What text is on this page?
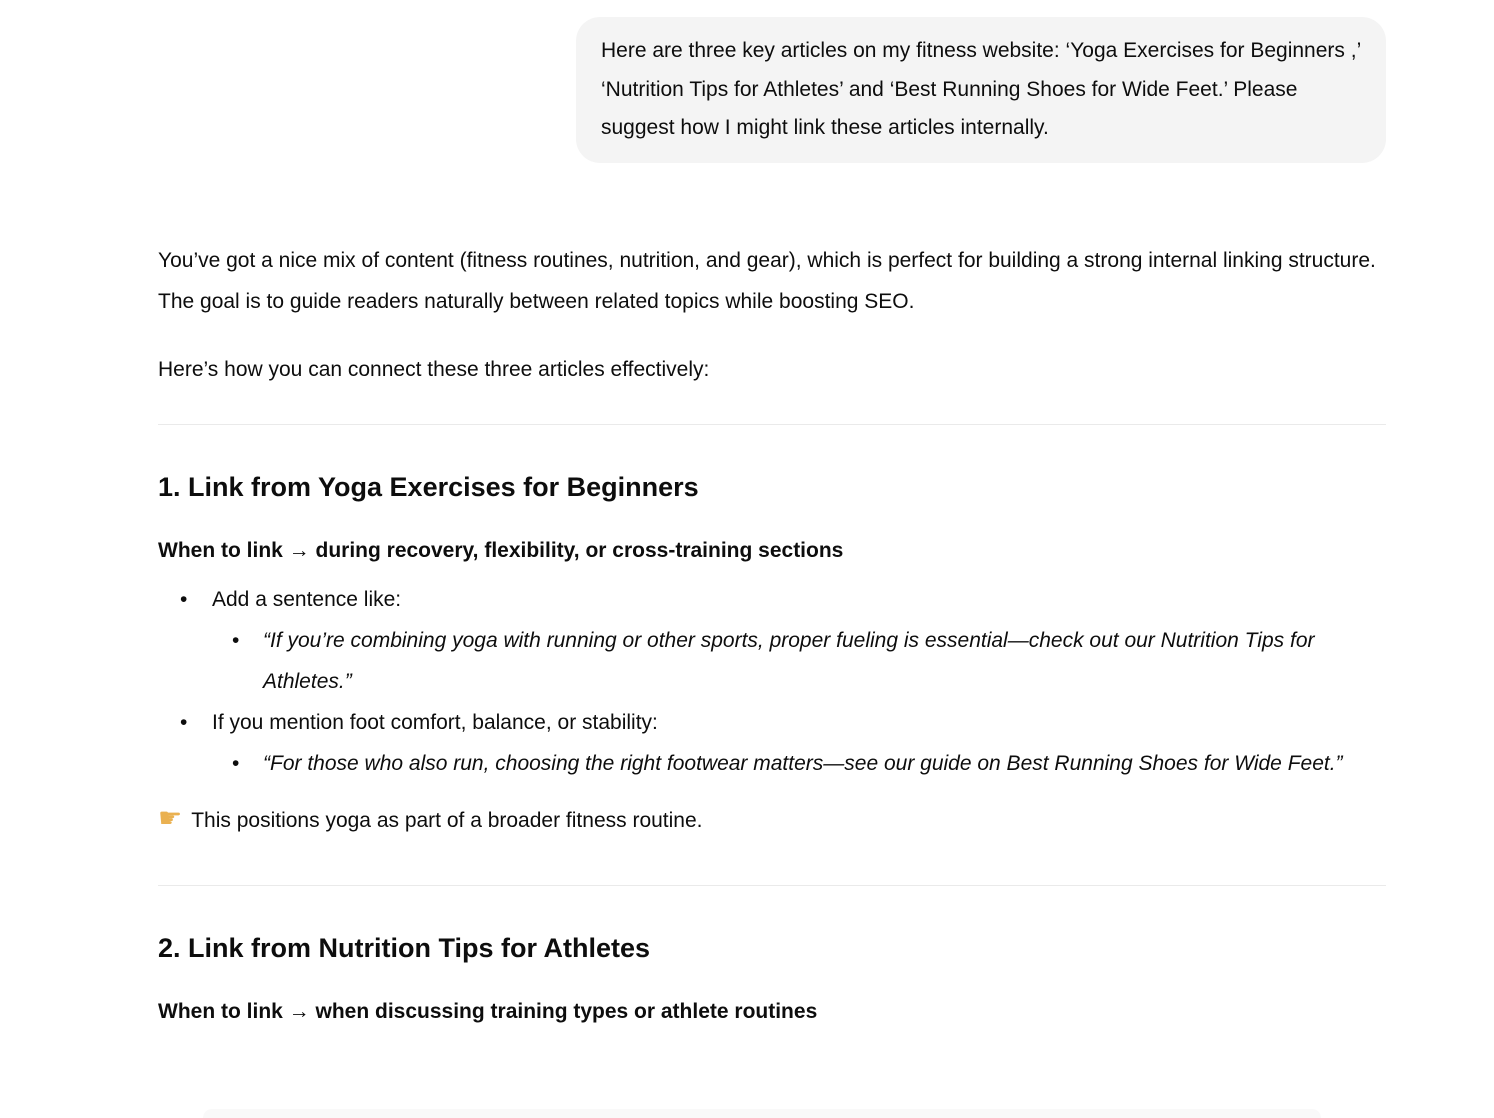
Here are three key articles on my fitness website: ‘Yoga Exercises for Beginners ,’ ‘Nutrition Tips for Athletes’ and ‘Best Running Shoes for Wide Feet.’ Please suggest how I might link these articles internally.

You’ve got a nice mix of content (fitness routines, nutrition, and gear), which is perfect for building a strong internal linking structure. The goal is to guide readers naturally between related topics while boosting SEO.

Here’s how you can connect these three articles effectively:

1. Link from Yoga Exercises for Beginners

When to link → during recovery, flexibility, or cross-training sections

• Add a sentence like:
• “If you’re combining yoga with running or other sports, proper fueling is essential—check out our Nutrition Tips for Athletes.”
• If you mention foot comfort, balance, or stability:
• “For those who also run, choosing the right footwear matters—see our guide on Best Running Shoes for Wide Feet.”

☛ This positions yoga as part of a broader fitness routine.

2. Link from Nutrition Tips for Athletes

When to link → when discussing training types or athlete routines
